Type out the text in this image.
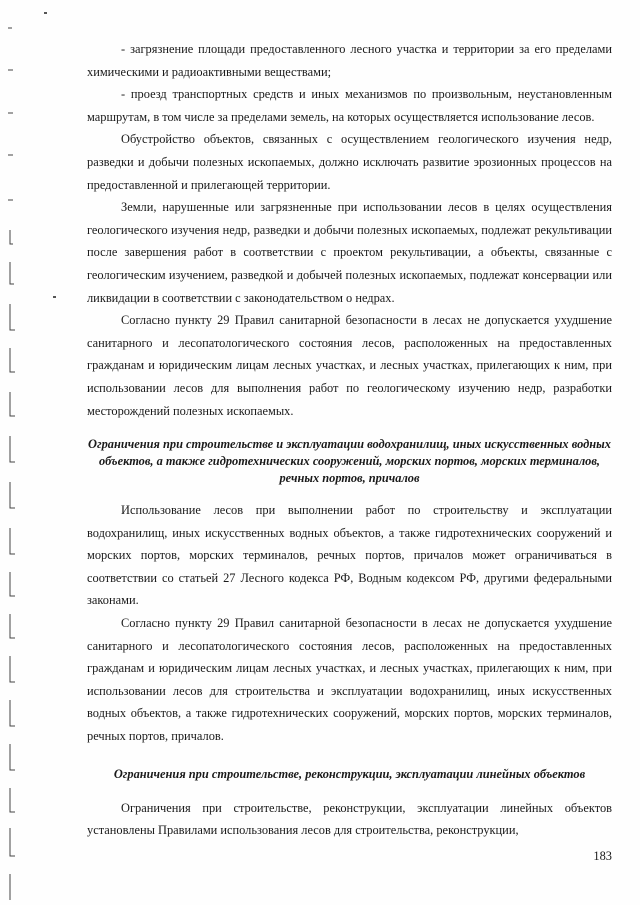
- загрязнение площади предоставленного лесного участка и территории за его пределами химическими и радиоактивными веществами;

- проезд транспортных средств и иных механизмов по произвольным, неустановленным маршрутам, в том числе за пределами земель, на которых осуществляется использование лесов.

Обустройство объектов, связанных с осуществлением геологического изучения недр, разведки и добычи полезных ископаемых, должно исключать развитие эрозионных процессов на предоставленной и прилегающей территории.

Земли, нарушенные или загрязненные при использовании лесов в целях осуществления геологического изучения недр, разведки и добычи полезных ископаемых, подлежат рекультивации после завершения работ в соответствии с проектом рекультивации, а объекты, связанные с геологическим изучением, разведкой и добычей полезных ископаемых, подлежат консервации или ликвидации в соответствии с законодательством о недрах.

Согласно пункту 29 Правил санитарной безопасности в лесах не допускается ухудшение санитарного и лесопатологического состояния лесов, расположенных на предоставленных гражданам и юридическим лицам лесных участках, и лесных участках, прилегающих к ним, при использовании лесов для выполнения работ по геологическому изучению недр, разработки месторождений полезных ископаемых.

Ограничения при строительстве и эксплуатации водохранилищ, иных искусственных водных объектов, а также гидротехнических сооружений, морских портов, морских терминалов, речных портов, причалов

Использование лесов при выполнении работ по строительству и эксплуатации водохранилищ, иных искусственных водных объектов, а также гидротехнических сооружений и морских портов, морских терминалов, речных портов, причалов может ограничиваться в соответствии со статьей 27 Лесного кодекса РФ, Водным кодексом РФ, другими федеральными законами.

Согласно пункту 29 Правил санитарной безопасности в лесах не допускается ухудшение санитарного и лесопатологического состояния лесов, расположенных на предоставленных гражданам и юридическим лицам лесных участках, и лесных участках, прилегающих к ним, при использовании лесов для строительства и эксплуатации водохранилищ, иных искусственных водных объектов, а также гидротехнических сооружений, морских портов, морских терминалов, речных портов, причалов.

Ограничения при строительстве, реконструкции, эксплуатации линейных объектов

Ограничения при строительстве, реконструкции, эксплуатации линейных объектов установлены Правилами использования лесов для строительства, реконструкции,

183
